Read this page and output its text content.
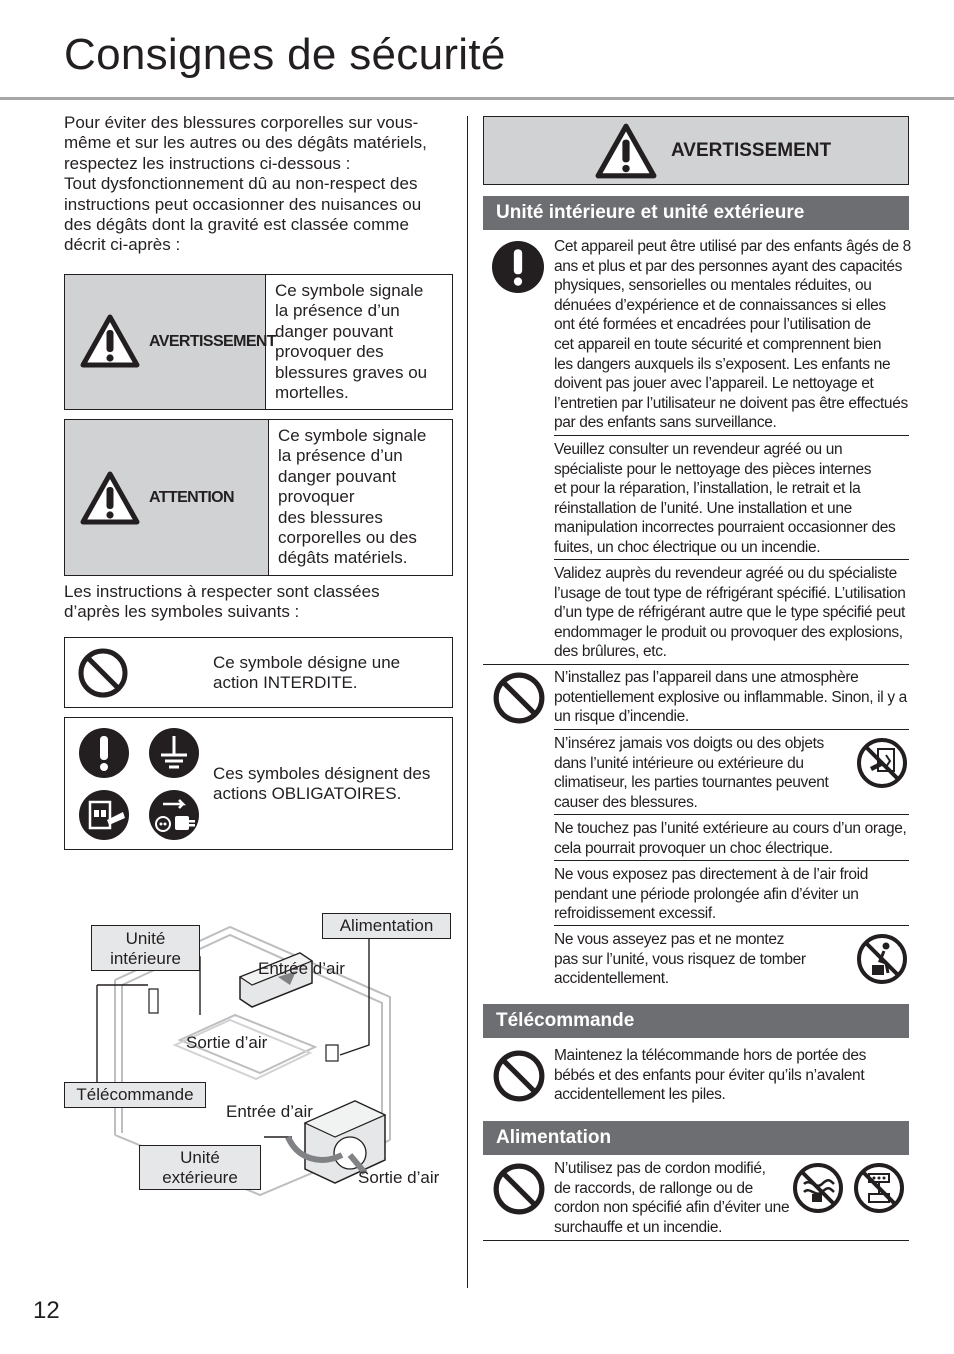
Consignes de sécurité
Pour éviter des blessures corporelles sur vous-
même et sur les autres ou des dégâts matériels,
respectez les instructions ci-dessous :
Tout dysfonctionnement dû au non-respect des
instructions peut occasionner des nuisances ou
des dégâts dont la gravité est classée comme
décrit ci-après :
AVERTISSEMENT
Ce symbole signale
la présence d’un
danger pouvant
provoquer des
blessures graves ou
mortelles.
ATTENTION
Ce symbole signale
la présence d’un
danger pouvant
provoquer
des blessures
corporelles ou des
dégâts matériels.
Les instructions à respecter sont classées
d’après les symboles suivants :
Ce symbole désigne une
action INTERDITE.
Ces symboles désignent des
actions OBLIGATOIRES.
Unité
intérieure
Alimentation
Entrée d’air
Sortie d’air
Télécommande
Entrée d’air
Unité
extérieure	Sortie d’air
12
AVERTISSEMENT
Unité intérieure et unité extérieure
Cet appareil peut être utilisé par des enfants âgés de 8
ans et plus et par des personnes ayant des capacités
physiques, sensorielles ou mentales réduites, ou
dénuées d’expérience et de connaissances si elles
ont été formées et encadrées pour l’utilisation de
cet appareil en toute sécurité et comprennent bien
les dangers auxquels ils s’exposent. Les enfants ne
doivent pas jouer avec l’appareil. Le nettoyage et
l’entretien par l’utilisateur ne doivent pas être effectués
par des enfants sans surveillance.
Veuillez consulter un revendeur agréé ou un
spécialiste pour le nettoyage des pièces internes
et pour la réparation, l’installation, le retrait et la
réinstallation de l’unité. Une installation et une
manipulation incorrectes pourraient occasionner des
fuites, un choc électrique ou un incendie.
Validez auprès du revendeur agréé ou du spécialiste
l’usage de tout type de réfrigérant spécifié. L’utilisation
d’un type de réfrigérant autre que le type spécifié peut
endommager le produit ou provoquer des explosions,
des brûlures, etc.
N’installez pas l’appareil dans une atmosphère
potentiellement explosive ou inflammable. Sinon, il y a
un risque d’incendie.
N’insérez jamais vos doigts ou des objets
dans l’unité intérieure ou extérieure du
climatiseur, les parties tournantes peuvent
causer des blessures.
Ne touchez pas l’unité extérieure au cours d’un orage,
cela pourrait provoquer un choc électrique.
Ne vous exposez pas directement à de l’air froid
pendant une période prolongée afin d’éviter un
refroidissement excessif.
Ne vous asseyez pas et ne montez
pas sur l’unité, vous risquez de tomber
accidentellement.
Télécommande
Maintenez la télécommande hors de portée des
bébés et des enfants pour éviter qu’ils n’avalent
accidentellement les piles.
Alimentation
N’utilisez pas de cordon modifié,
de raccords, de rallonge ou de
cordon non spécifié afin d’éviter une
surchauffe et un incendie.
